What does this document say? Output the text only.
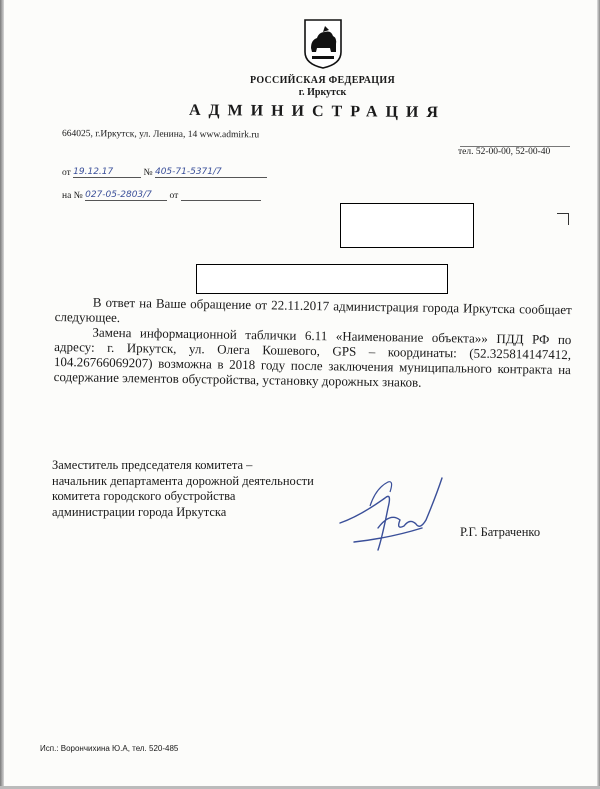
РОССИЙСКАЯ ФЕДЕРАЦИЯ
г. Иркутск
АДМИНИСТРАЦИЯ
664025, г.Иркутск, ул. Ленина, 14 www.admirk.ru
тел. 52-00-00, 52-00-40
от 19.12.17	№ 405-71-5371/7
на № 027-05-2803/7 от

В ответ на Ваше обращение от 22.11.2017 администрация города Иркутска сообщает следующее.

Замена информационной таблички 6.11 «Наименование объекта»» ПДД РФ по адресу: г. Иркутск, ул. Олега Кошевого, GPS – координаты: (52.325814147412, 104.26766069207) возможна в 2018 году после заключения муниципального контракта на содержание элементов обустройства, установку дорожных знаков.

Заместитель председателя комитета –
начальник департамента дорожной деятельности
комитета городского обустройства
администрации города Иркутска
Р.Г. Батраченко
Исп.: Ворончихина Ю.А, тел. 520-485
